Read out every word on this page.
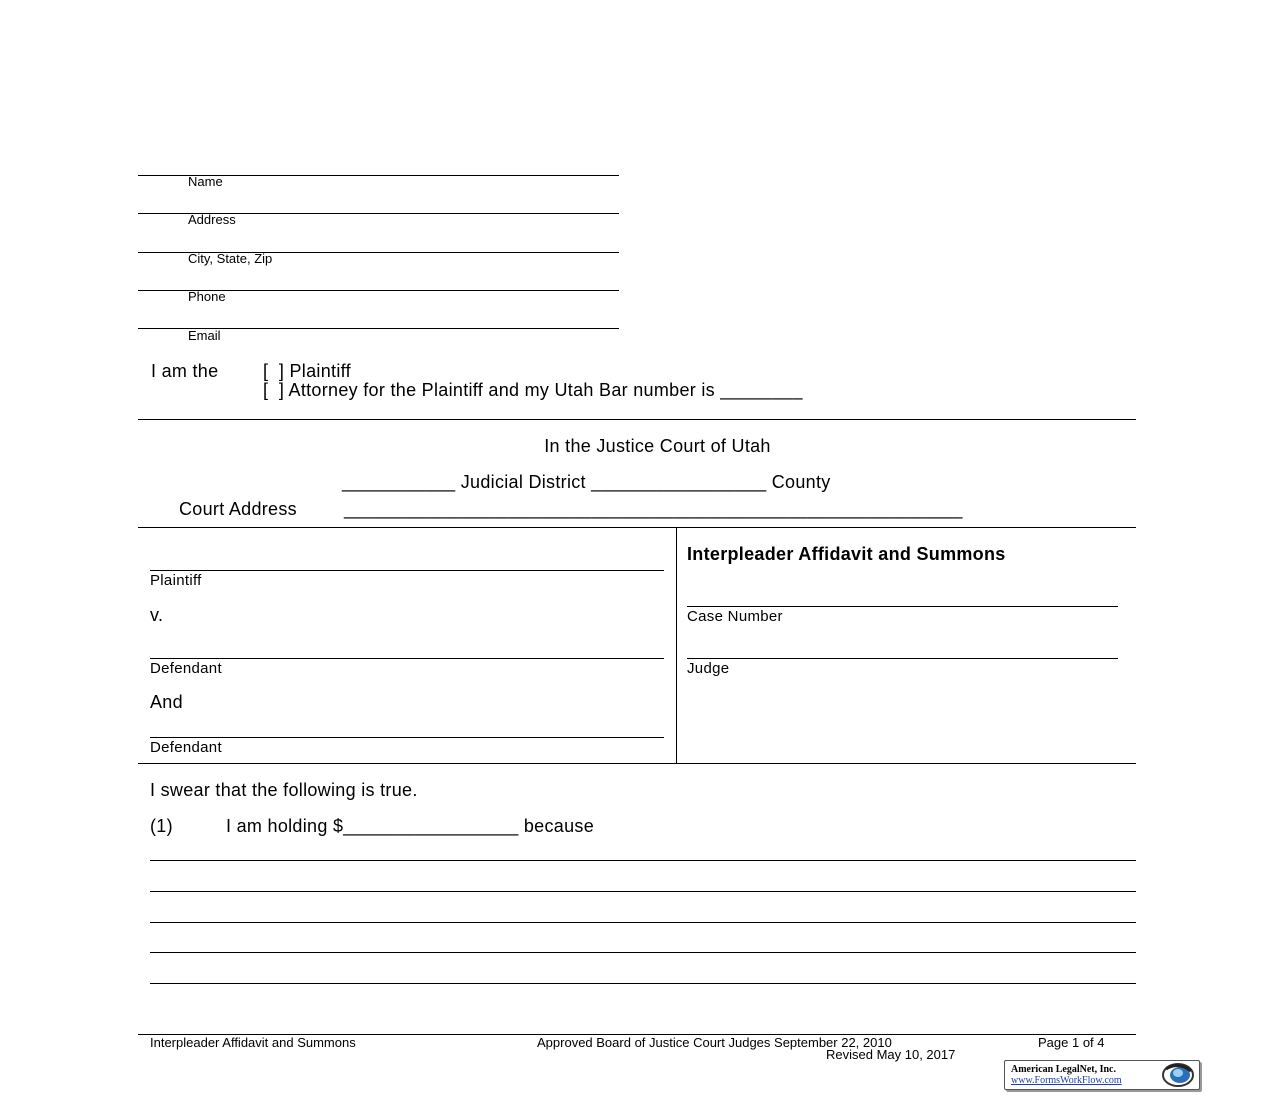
Name
Address
City, State, Zip
Phone
Email
I am the [  ] Plaintiff
[  ] Attorney for the Plaintiff and my Utah Bar number is ________
In the Justice Court of Utah
___________ Judicial District _________________ County
Court Address	____________________________________________________________
Plaintiff
v.
Defendant
And
Defendant
Interpleader Affidavit and Summons
Case Number
Judge
I swear that the following is true.
(1)	I am holding $_________________ because
Interpleader Affidavit and Summons	Approved Board of Justice Court Judges September 22, 2010
Revised May 10, 2017
Page 1 of 4
American LegalNet, Inc.
www.FormsWorkFlow.com
